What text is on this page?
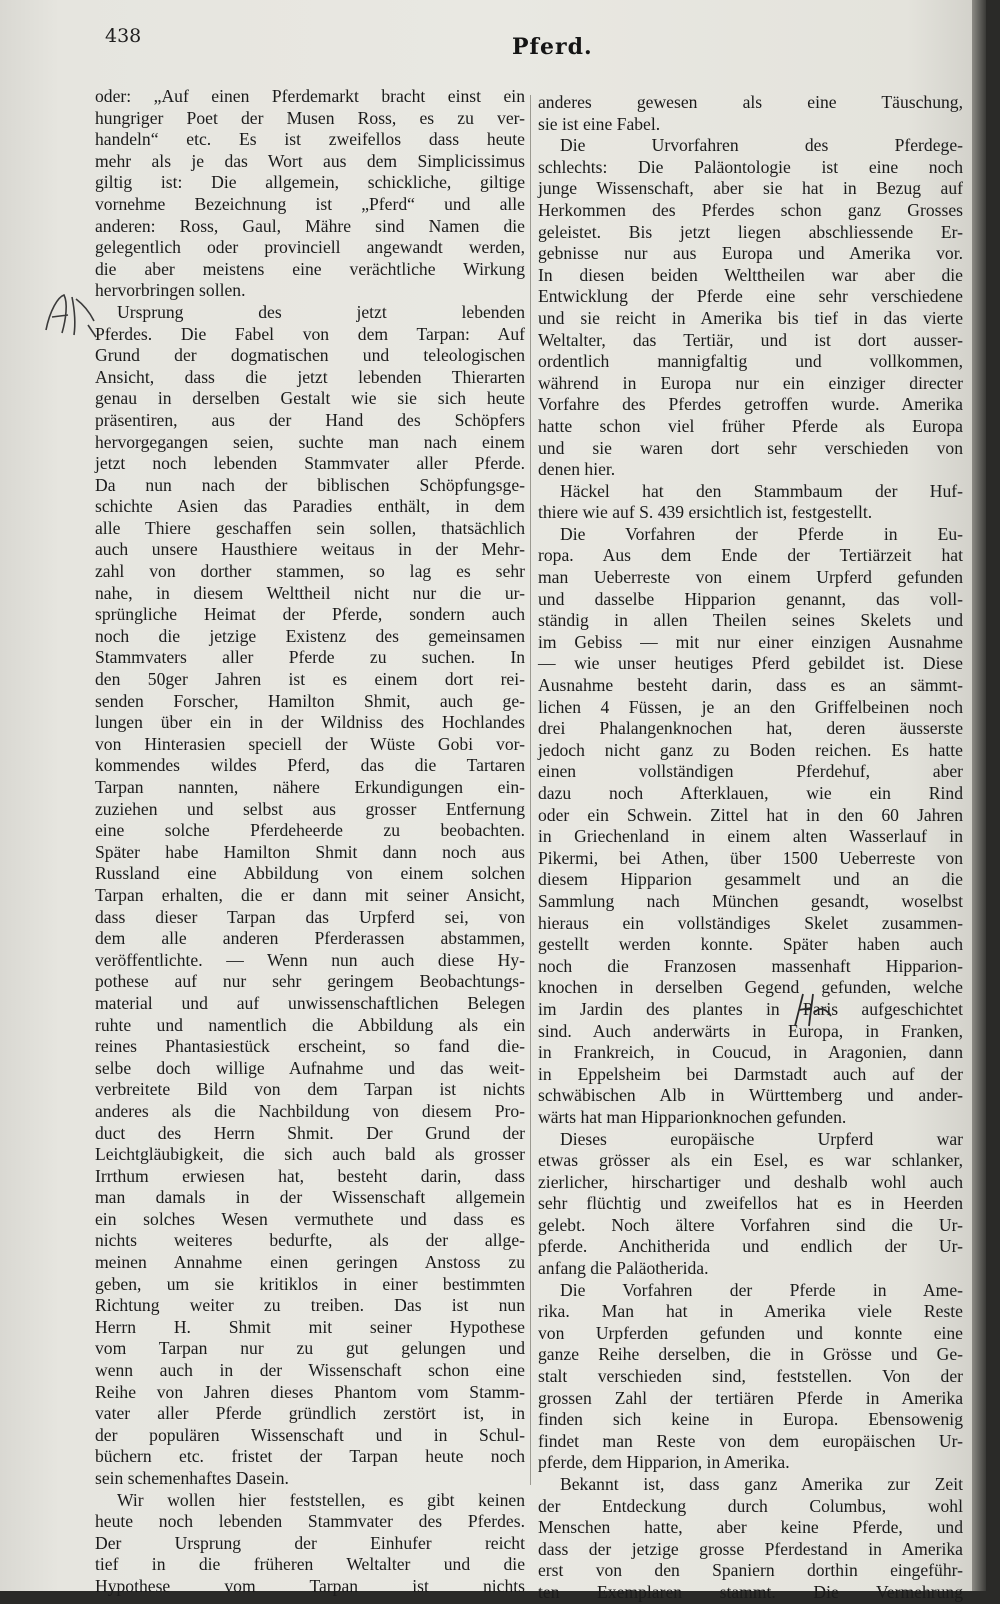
438	Pferd.
oder: „Auf einen Pferdemarkt bracht einst ein
hungriger Poet der Musen Ross, es zu ver-
handeln“ etc. Es ist zweifellos dass heute
mehr als je das Wort aus dem Simplicissimus
giltig ist: Die allgemein, schickliche, giltige
vornehme Bezeichnung ist „Pferd“ und alle
anderen: Ross, Gaul, Mähre sind Namen die
gelegentlich oder provinciell angewandt werden,
die aber meistens eine verächtliche Wirkung
hervorbringen sollen.
Ursprung des jetzt lebenden
Pferdes. Die Fabel von dem Tarpan: Auf
Grund der dogmatischen und teleologischen
Ansicht, dass die jetzt lebenden Thierarten
genau in derselben Gestalt wie sie sich heute
präsentiren, aus der Hand des Schöpfers
hervorgegangen seien, suchte man nach einem
jetzt noch lebenden Stammvater aller Pferde.
Da nun nach der biblischen Schöpfungsge-
schichte Asien das Paradies enthält, in dem
alle Thiere geschaffen sein sollen, thatsächlich
auch unsere Hausthiere weitaus in der Mehr-
zahl von dorther stammen, so lag es sehr
nahe, in diesem Welttheil nicht nur die ur-
sprüngliche Heimat der Pferde, sondern auch
noch die jetzige Existenz des gemeinsamen
Stammvaters aller Pferde zu suchen. In
den 50ger Jahren ist es einem dort rei-
senden Forscher, Hamilton Shmit, auch ge-
lungen über ein in der Wildniss des Hochlandes
von Hinterasien speciell der Wüste Gobi vor-
kommendes wildes Pferd, das die Tartaren
Tarpan nannten, nähere Erkundigungen ein-
zuziehen und selbst aus grosser Entfernung
eine solche Pferdeheerde zu beobachten.
Später habe Hamilton Shmit dann noch aus
Russland eine Abbildung von einem solchen
Tarpan erhalten, die er dann mit seiner Ansicht,
dass dieser Tarpan das Urpferd sei, von
dem alle anderen Pferderassen abstammen,
veröffentlichte. — Wenn nun auch diese Hy-
pothese auf nur sehr geringem Beobachtungs-
material und auf unwissenschaftlichen Belegen
ruhte und namentlich die Abbildung als ein
reines Phantasiestück erscheint, so fand die-
selbe doch willige Aufnahme und das weit-
verbreitete Bild von dem Tarpan ist nichts
anderes als die Nachbildung von diesem Pro-
duct des Herrn Shmit. Der Grund der
Leichtgläubigkeit, die sich auch bald als grosser
Irrthum erwiesen hat, besteht darin, dass
man damals in der Wissenschaft allgemein
ein solches Wesen vermuthete und dass es
nichts weiteres bedurfte, als der allge-
meinen Annahme einen geringen Anstoss zu
geben, um sie kritiklos in einer bestimmten
Richtung weiter zu treiben. Das ist nun
Herrn H. Shmit mit seiner Hypothese
vom Tarpan nur zu gut gelungen und
wenn auch in der Wissenschaft schon eine
Reihe von Jahren dieses Phantom vom Stamm-
vater aller Pferde gründlich zerstört ist, in
der populären Wissenschaft und in Schul-
büchern etc. fristet der Tarpan heute noch
sein schemenhaftes Dasein.
Wir wollen hier feststellen, es gibt keinen
heute noch lebenden Stammvater des Pferdes.
Der Ursprung der Einhufer reicht
tief in die früheren Weltalter und die
Hypothese vom Tarpan ist nichts
anderes gewesen als eine Täuschung,
sie ist eine Fabel.
Die Urvorfahren des Pferdege-
schlechts: Die Paläontologie ist eine noch
junge Wissenschaft, aber sie hat in Bezug auf
Herkommen des Pferdes schon ganz Grosses
geleistet. Bis jetzt liegen abschliessende Er-
gebnisse nur aus Europa und Amerika vor.
In diesen beiden Welttheilen war aber die
Entwicklung der Pferde eine sehr verschiedene
und sie reicht in Amerika bis tief in das vierte
Weltalter, das Tertiär, und ist dort ausser-
ordentlich mannigfaltig und vollkommen,
während in Europa nur ein einziger directer
Vorfahre des Pferdes getroffen wurde. Amerika
hatte schon viel früher Pferde als Europa
und sie waren dort sehr verschieden von
denen hier.
Häckel hat den Stammbaum der Huf-
thiere wie auf S. 439 ersichtlich ist, festgestellt.
Die Vorfahren der Pferde in Eu-
ropa. Aus dem Ende der Tertiärzeit hat
man Ueberreste von einem Urpferd gefunden
und dasselbe Hipparion genannt, das voll-
ständig in allen Theilen seines Skelets und
im Gebiss — mit nur einer einzigen Ausnahme
— wie unser heutiges Pferd gebildet ist. Diese
Ausnahme besteht darin, dass es an sämmt-
lichen 4 Füssen, je an den Griffelbeinen noch
drei Phalangenknochen hat, deren äusserste
jedoch nicht ganz zu Boden reichen. Es hatte
einen vollständigen Pferdehuf, aber
dazu noch Afterklauen, wie ein Rind
oder ein Schwein. Zittel hat in den 60 Jahren
in Griechenland in einem alten Wasserlauf in
Pikermi, bei Athen, über 1500 Ueberreste von
diesem Hipparion gesammelt und an die
Sammlung nach München gesandt, woselbst
hieraus ein vollständiges Skelet zusammen-
gestellt werden konnte. Später haben auch
noch die Franzosen massenhaft Hipparion-
knochen in derselben Gegend gefunden, welche
im Jardin des plantes in Paris aufgeschichtet
sind. Auch anderwärts in Europa, in Franken,
in Frankreich, in Coucud, in Aragonien, dann
in Eppelsheim bei Darmstadt auch auf der
schwäbischen Alb in Württemberg und ander-
wärts hat man Hipparionknochen gefunden.
Dieses europäische Urpferd war
etwas grösser als ein Esel, es war schlanker,
zierlicher, hirschartiger und deshalb wohl auch
sehr flüchtig und zweifellos hat es in Heerden
gelebt. Noch ältere Vorfahren sind die Ur-
pferde. Anchitherida und endlich der Ur-
anfang die Paläotherida.
Die Vorfahren der Pferde in Ame-
rika. Man hat in Amerika viele Reste
von Urpferden gefunden und konnte eine
ganze Reihe derselben, die in Grösse und Ge-
stalt verschieden sind, feststellen. Von der
grossen Zahl der tertiären Pferde in Amerika
finden sich keine in Europa. Ebensowenig
findet man Reste von dem europäischen Ur-
pferde, dem Hipparion, in Amerika.
Bekannt ist, dass ganz Amerika zur Zeit
der Entdeckung durch Columbus, wohl
Menschen hatte, aber keine Pferde, und
dass der jetzige grosse Pferdestand in Amerika
erst von den Spaniern dorthin eingeführ-
ten Exemplaren stammt. Die Vermehrung
